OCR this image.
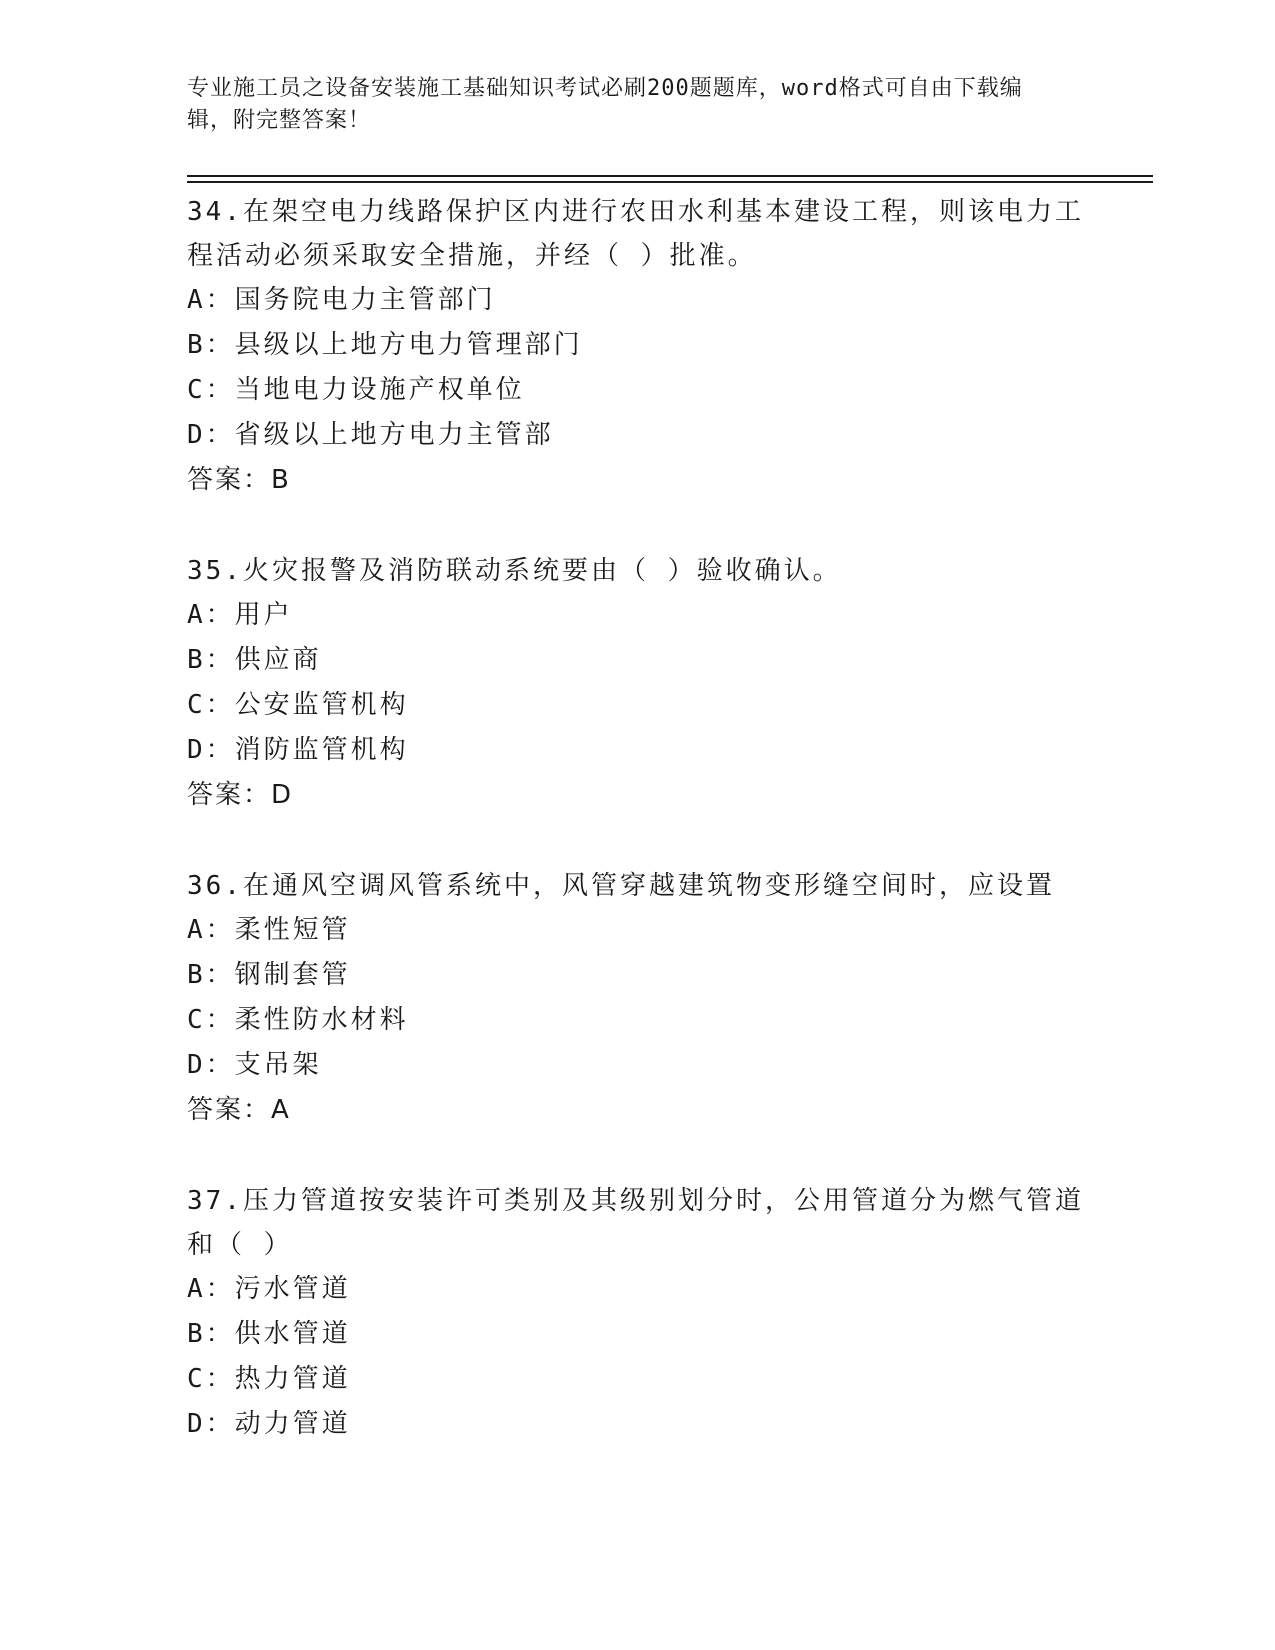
专业施工员之设备安装施工基础知识考试必刷200题题库，word格式可自由下载编辑，附完整答案！

34.在架空电力线路保护区内进行农田水利基本建设工程，则该电力工程活动必须采取安全措施，并经（ ）批准。

A：国务院电力主管部门

B：县级以上地方电力管理部门

C：当地电力设施产权单位

D：省级以上地方电力主管部

答案：B

35.火灾报警及消防联动系统要由（ ）验收确认。

A：用户

B：供应商

C：公安监管机构

D：消防监管机构

答案：D

36.在通风空调风管系统中，风管穿越建筑物变形缝空间时，应设置

A：柔性短管

B：钢制套管

C：柔性防水材料

D：支吊架

答案：A

37.压力管道按安装许可类别及其级别划分时，公用管道分为燃气管道和（ ）

A：污水管道

B：供水管道

C：热力管道

D：动力管道
